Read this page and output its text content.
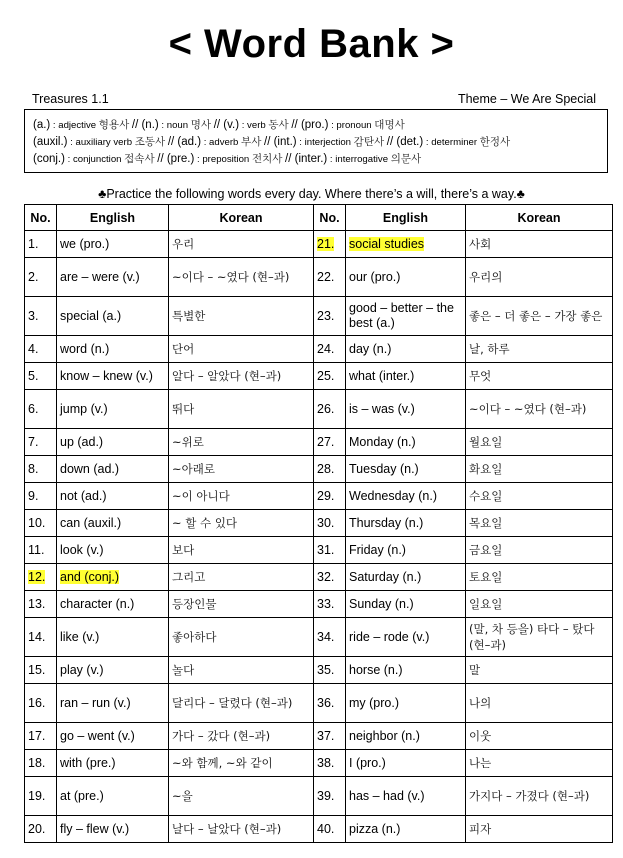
< Word Bank >
Treasures 1.1	Theme – We Are Special
(a.) : adjective 형용사 // (n.) : noun 명사 // (v.) : verb 동사 // (pro.) : pronoun 대명사
(auxil.) : auxiliary verb 조동사 // (ad.) : adverb 부사 // (int.) : interjection 감탄사 // (det.) : determiner 한정사
(conj.) : conjunction 접속사 // (pre.) : preposition 전치사 // (inter.) : interrogative 의문사
♣Practice the following words every day. Where there’s a will, there’s a way.♣
No.	English	Korean	No.	English	Korean
1.	we (pro.)	우리	21.	social studies	사회
2.	are – were (v.)	~이다 – ~였다 (현–과)	22.	our (pro.)	우리의
3.	special (a.)	특별한	23.	good – better – the best (a.)	좋은 – 더 좋은 – 가장 좋은
4.	word (n.)	단어	24.	day (n.)	날, 하루
5.	know – knew (v.)	알다 – 알았다 (현–과)	25.	what (inter.)	무엇
6.	jump (v.)	뛰다	26.	is – was (v.)	~이다 – ~였다 (현–과)
7.	up (ad.)	~위로	27.	Monday (n.)	월요일
8.	down (ad.)	~아래로	28.	Tuesday (n.)	화요일
9.	not (ad.)	~이 아니다	29.	Wednesday (n.)	수요일
10.	can (auxil.)	~ 할 수 있다	30.	Thursday (n.)	목요일
11.	look (v.)	보다	31.	Friday (n.)	금요일
12.	and (conj.)	그리고	32.	Saturday (n.)	토요일
13.	character (n.)	등장인물	33.	Sunday (n.)	일요일
14.	like (v.)	좋아하다	34.	ride – rode (v.)	(말, 차 등을) 타다 – 탔다 (현–과)
15.	play (v.)	놀다	35.	horse (n.)	말
16.	ran – run (v.)	달리다 – 달렸다 (현–과)	36.	my (pro.)	나의
17.	go – went (v.)	가다 – 갔다 (현–과)	37.	neighbor (n.)	이웃
18.	with (pre.)	~와 함께, ~와 같이	38.	I (pro.)	나는
19.	at (pre.)	~을	39.	has – had (v.)	가지다 – 가졌다 (현–과)
20.	fly – flew (v.)	날다 – 날았다 (현–과)	40.	pizza (n.)	피자
